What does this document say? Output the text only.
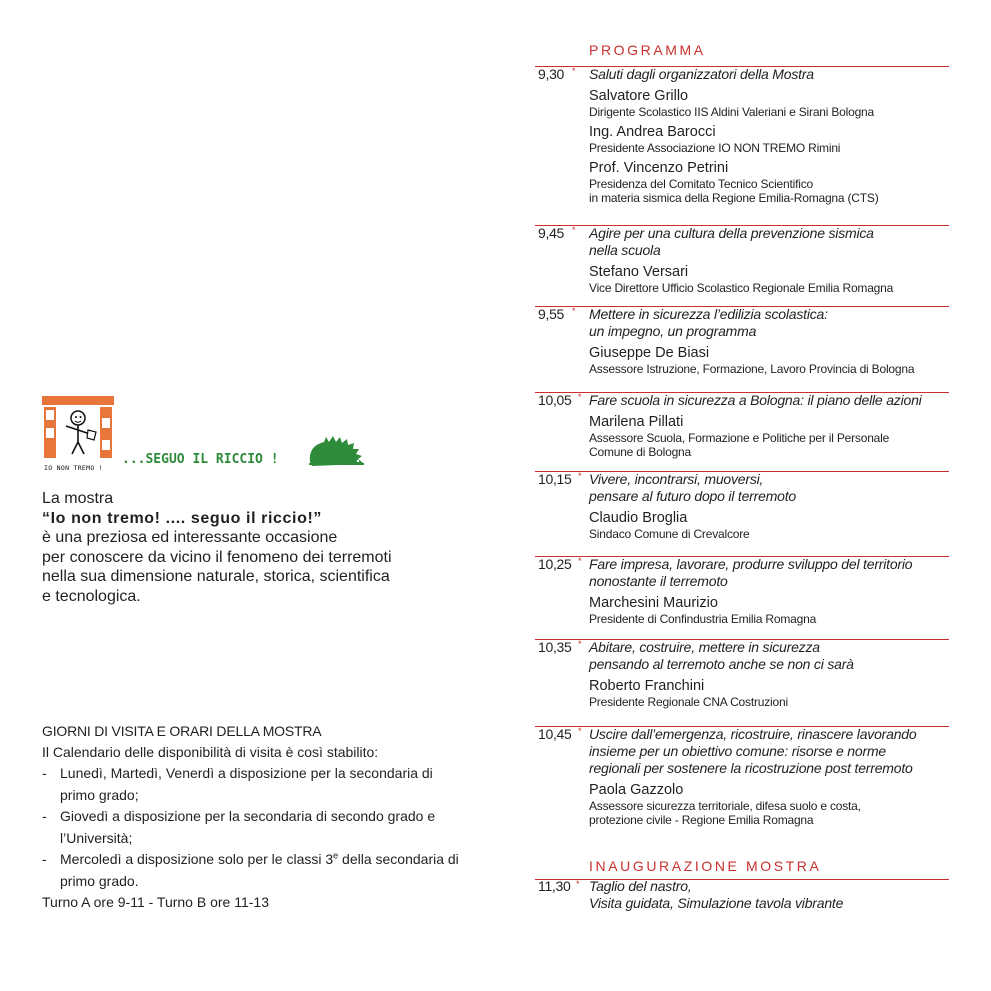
IO NON TREMO !
...SEGUO IL RICCIO !

La mostra

“Io non tremo! .... seguo il riccio!”

è una preziosa ed interessante occasione

per conoscere da vicino il fenomeno dei terremoti

nella sua dimensione naturale, storica, scientifica

e tecnologica.

GIORNI DI VISITA E ORARI DELLA MOSTRA

Il Calendario delle disponibilità di visita è così stabilito:

- Lunedì, Martedì, Venerdì a disposizione per la secondaria di primo grado;
- Giovedì a disposizione per la secondaria di secondo grado e l’Università;
- Mercoledì a disposizione solo per le classi 3e della secondaria di primo grado.

Turno A ore 9-11 - Turno B ore 11-13

PROGRAMMA
*
9,30 Saluti dagli organizzatori della Mostra
Salvatore Grillo
Dirigente Scolastico IIS Aldini Valeriani e Sirani Bologna
Ing. Andrea Barocci
Presidente Associazione IO NON TREMO Rimini
Prof. Vincenzo Petrini
Presidenza del Comitato Tecnico Scientifico
in materia sismica della Regione Emilia-Romagna (CTS)
*
9,45 Agire per una cultura della prevenzione sismica
nella scuola
Stefano Versari
Vice Direttore Ufficio Scolastico Regionale Emilia Romagna
*
9,55 Mettere in sicurezza l’edilizia scolastica:
un impegno, un programma
Giuseppe De Biasi
Assessore Istruzione, Formazione, Lavoro Provincia di Bologna
*
10,05 Fare scuola in sicurezza a Bologna: il piano delle azioni
Marilena Pillati
Assessore Scuola, Formazione e Politiche per il Personale
Comune di Bologna
*
10,15 Vivere, incontrarsi, muoversi,
pensare al futuro dopo il terremoto
Claudio Broglia
Sindaco Comune di Crevalcore
*
10,25 Fare impresa, lavorare, produrre sviluppo del territorio
nonostante il terremoto
Marchesini Maurizio
Presidente di Confindustria Emilia Romagna
*
10,35 Abitare, costruire, mettere in sicurezza
pensando al terremoto anche se non ci sarà
Roberto Franchini
Presidente Regionale CNA Costruzioni
*
10,45 Uscire dall’emergenza, ricostruire, rinascere lavorando
insieme per un obiettivo comune: risorse e norme
regionali per sostenere la ricostruzione post terremoto
Paola Gazzolo
Assessore sicurezza territoriale, difesa suolo e costa,
protezione civile - Regione Emilia Romagna
INAUGURAZIONE MOSTRA
*
11,30 Taglio del nastro,
Visita guidata, Simulazione tavola vibrante
